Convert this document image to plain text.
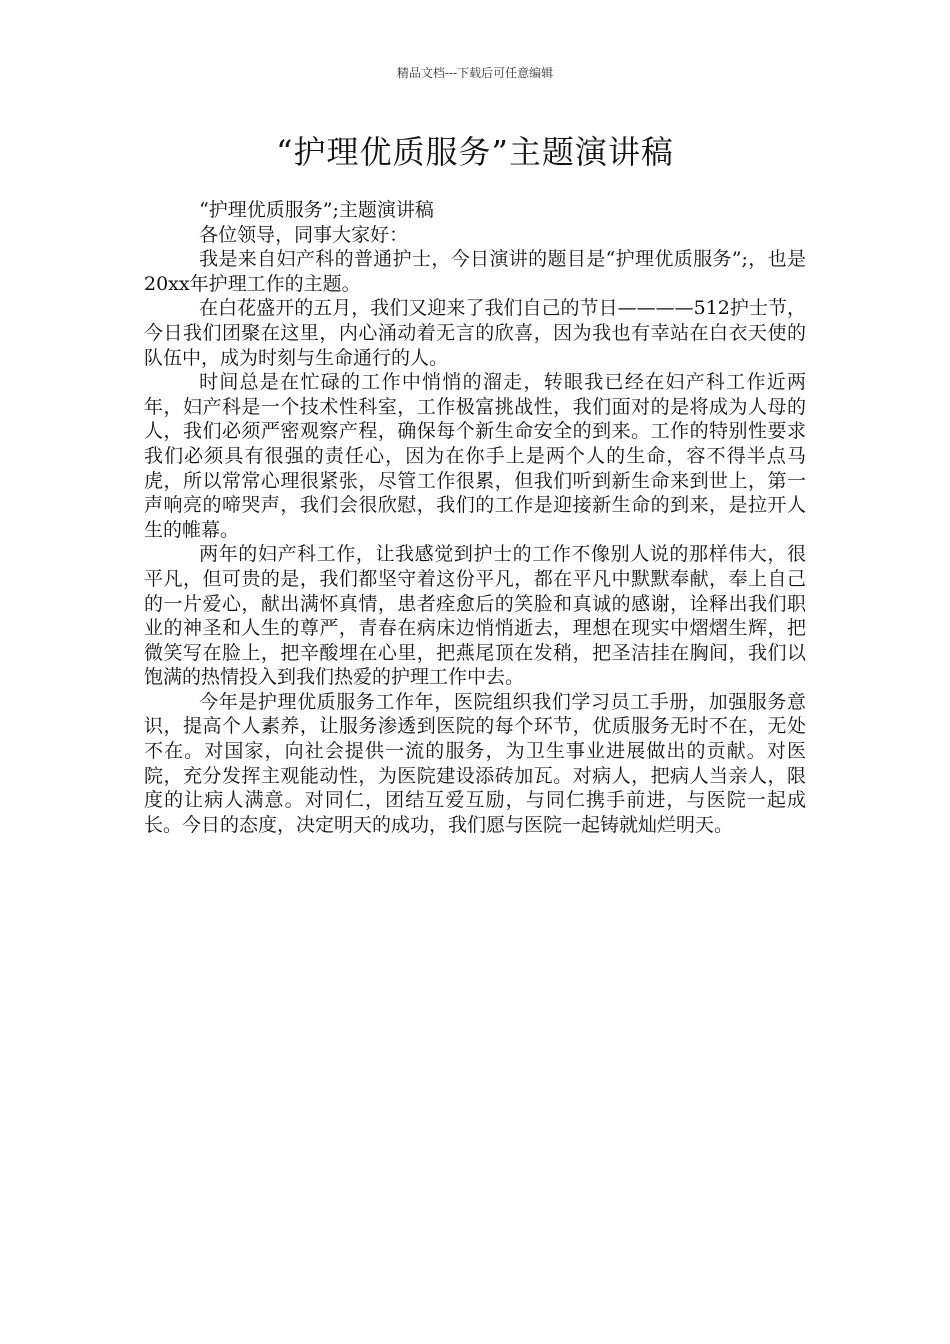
精品文档---下载后可任意编辑
“护理优质服务”主题演讲稿

“护理优质服务”;主题演讲稿

各位领导，同事大家好：

我是来自妇产科的普通护士，今日演讲的题目是“护理优质服务”;，也是20xx年护理工作的主题。

在白花盛开的五月，我们又迎来了我们自己的节日————512护士节，今日我们团聚在这里，内心涌动着无言的欣喜，因为我也有幸站在白衣天使的队伍中，成为时刻与生命通行的人。

时间总是在忙碌的工作中悄悄的溜走，转眼我已经在妇产科工作近两年，妇产科是一个技术性科室，工作极富挑战性，我们面对的是将成为人母的人，我们必须严密观察产程，确保每个新生命安全的到来。工作的特别性要求我们必须具有很强的责任心，因为在你手上是两个人的生命，容不得半点马虎，所以常常心理很紧张，尽管工作很累，但我们听到新生命来到世上，第一声响亮的啼哭声，我们会很欣慰，我们的工作是迎接新生命的到来，是拉开人生的帷幕。

两年的妇产科工作，让我感觉到护士的工作不像别人说的那样伟大，很平凡，但可贵的是，我们都坚守着这份平凡，都在平凡中默默奉献，奉上自己的一片爱心，献出满怀真情，患者痊愈后的笑脸和真诚的感谢，诠释出我们职业的神圣和人生的尊严，青春在病床边悄悄逝去，理想在现实中熠熠生辉，把微笑写在脸上，把辛酸埋在心里，把燕尾顶在发稍，把圣洁挂在胸间，我们以饱满的热情投入到我们热爱的护理工作中去。

今年是护理优质服务工作年，医院组织我们学习员工手册，加强服务意识，提高个人素养，让服务渗透到医院的每个环节，优质服务无时不在，无处不在。对国家，向社会提供一流的服务，为卫生事业进展做出的贡献。对医院，充分发挥主观能动性，为医院建设添砖加瓦。对病人，把病人当亲人，限度的让病人满意。对同仁，团结互爱互励，与同仁携手前进，与医院一起成长。今日的态度，决定明天的成功，我们愿与医院一起铸就灿烂明天。
